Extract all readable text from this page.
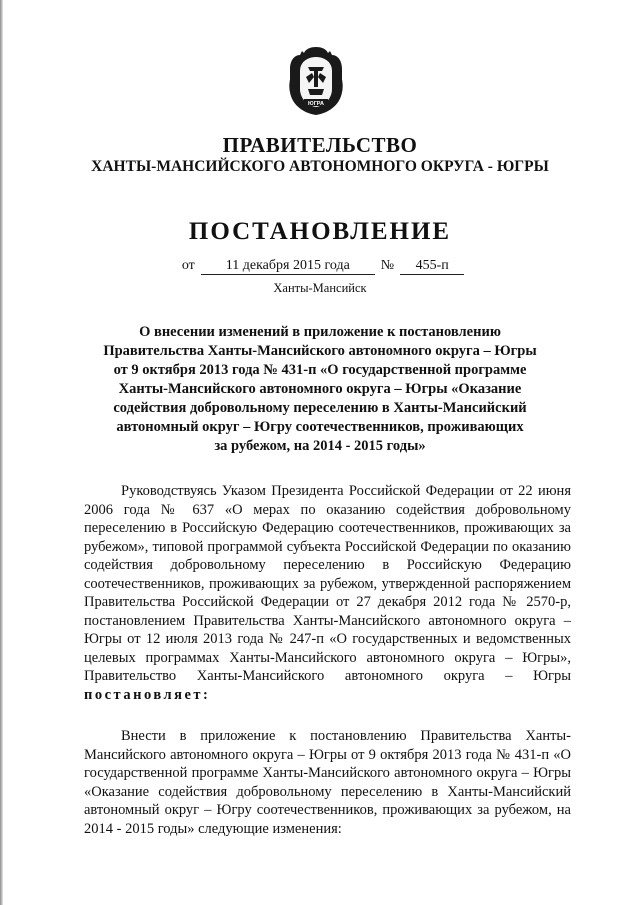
ЮГРА
ПРАВИТЕЛЬСТВО
ХАНТЫ-МАНСИЙСКОГО АВТОНОМНОГО ОКРУГА - ЮГРЫ
ПОСТАНОВЛЕНИЕ
от 11 декабря 2015 года № 455-п
Ханты-Мансийск
О внесении изменений в приложение к постановлению
Правительства Ханты-Мансийского автономного округа – Югры
от 9 октября 2013 года № 431-п «О государственной программе
Ханты-Мансийского автономного округа – Югры «Оказание
содействия добровольному переселению в Ханты-Мансийский
автономный округ – Югру соотечественников, проживающих
за рубежом, на 2014 - 2015 годы»

Руководствуясь Указом Президента Российской Федерации от 22 июня 2006 года № 637 «О мерах по оказанию содействия добровольному переселению в Российскую Федерацию соотечественников, проживающих за рубежом», типовой программой субъекта Российской Федерации по оказанию содействия добровольному переселению в Российскую Федерацию соотечественников, проживающих за рубежом, утвержденной распоряжением Правительства Российской Федерации от 27 декабря 2012 года № 2570-р, постановлением Правительства Ханты-Мансийского автономного округа – Югры от 12 июля 2013 года № 247-п «О государственных и ведомственных целевых программах Ханты-Мансийского автономного округа – Югры», Правительство Ханты-Мансийского автономного округа – Югры постановляет:

Внести в приложение к постановлению Правительства Ханты-Мансийского автономного округа – Югры от 9 октября 2013 года № 431-п «О государственной программе Ханты-Мансийского автономного округа – Югры «Оказание содействия добровольному переселению в Ханты-Мансийский автономный округ – Югру соотечественников, проживающих за рубежом, на 2014 - 2015 годы» следующие изменения:
